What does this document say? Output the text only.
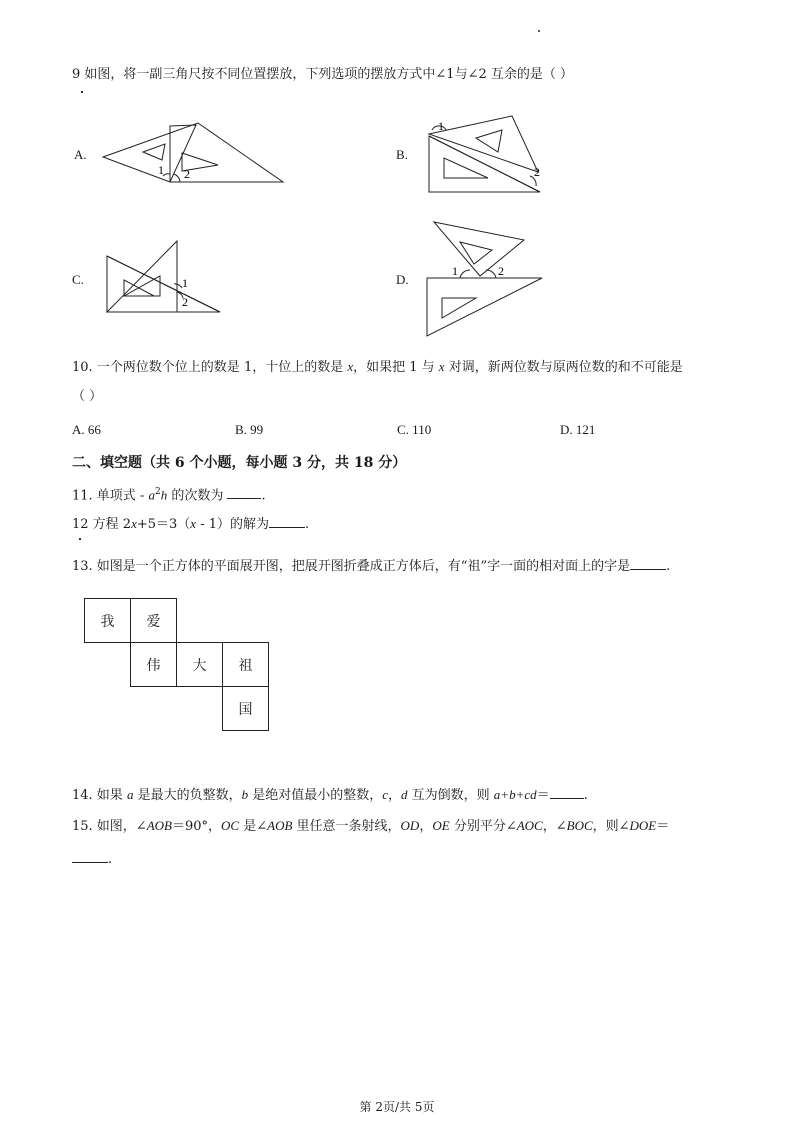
9 如图，将一副三角尺按不同位置摆放，下列选项的摆放方式中∠1与∠2 互余的是（ ）
A.
1 2
B.
1
2
C.	1
2
D.
1	2
10. 一个两位数个位上的数是 1，十位上的数是 x，如果把 1 与 x 对调，新两位数与原两位数的和不可能是
（ ）
A. 66	B. 99	C. 110	D. 121
二、填空题（共 6 个小题，每小题 3 分，共 18 分）
11. 单项式 - $a^2h$ 的次数为	.
12 方程 2x+5＝3（x - 1）的解为	.
13. 如图是一个正方体的平面展开图，把展开图折叠成正方体后，有“祖”字一面的相对面上的字是	.
我	爱		
	伟	大	祖
			国
14. 如果 a 是最大的负整数，b 是绝对值最小的整数，c，d 互为倒数，则 a+b+cd＝	.
15. 如图，∠AOB＝90°，OC 是∠AOB 里任意一条射线，OD，OE 分别平分∠AOC，∠BOC，则∠DOE＝
.
第 2页/共 5页
